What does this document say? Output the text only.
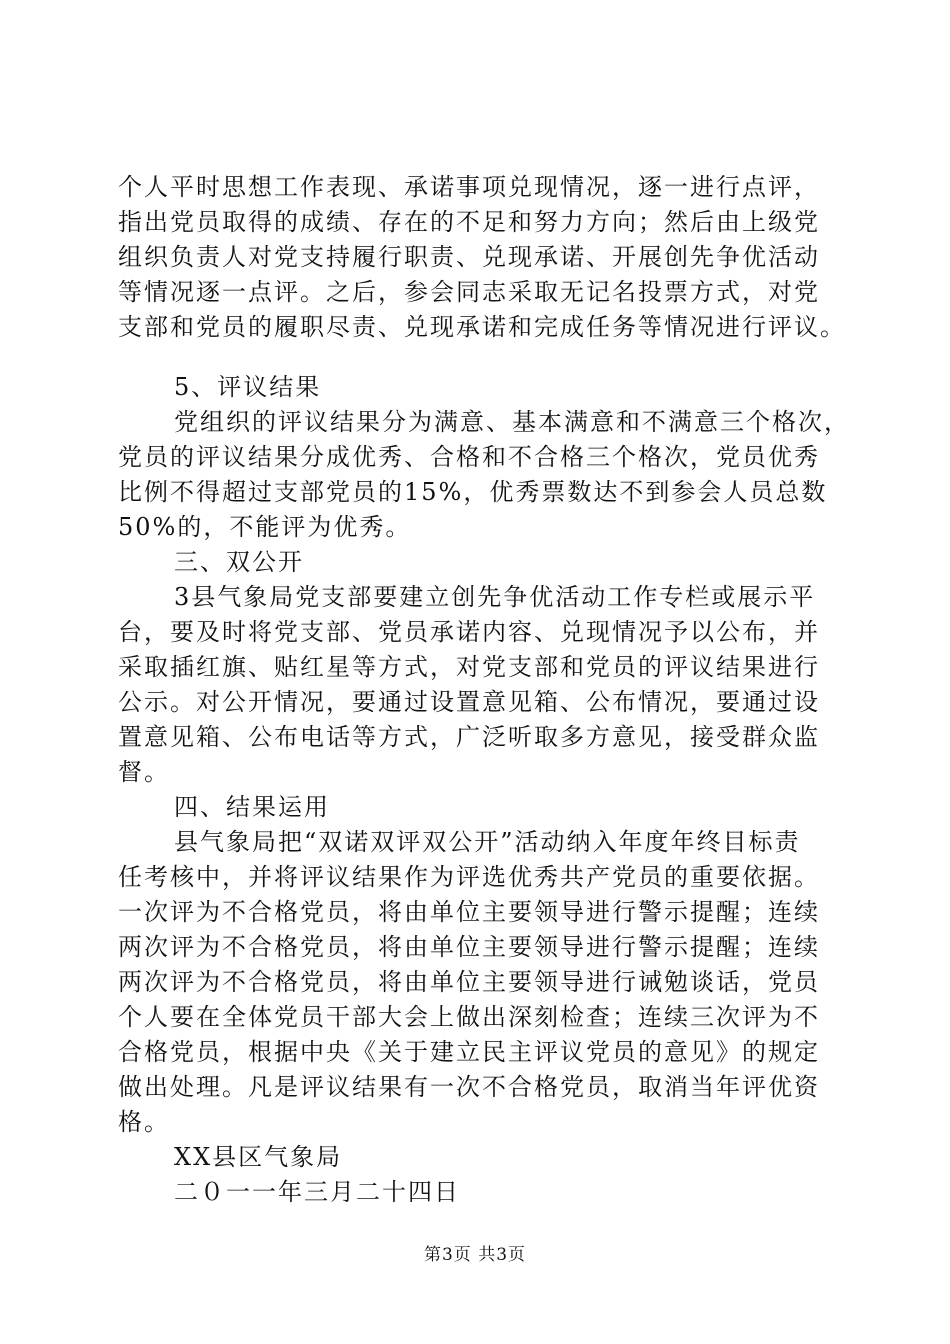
个人平时思想工作表现、承诺事项兑现情况，逐一进行点评，
指出党员取得的成绩、存在的不足和努力方向；然后由上级党
组织负责人对党支持履行职责、兑现承诺、开展创先争优活动
等情况逐一点评。之后，参会同志采取无记名投票方式，对党
支部和党员的履职尽责、兑现承诺和完成任务等情况进行评议。
5、评议结果
党组织的评议结果分为满意、基本满意和不满意三个格次，
党员的评议结果分成优秀、合格和不合格三个格次，党员优秀
比例不得超过支部党员的15%，优秀票数达不到参会人员总数
50%的，不能评为优秀。
三、双公开
3县气象局党支部要建立创先争优活动工作专栏或展示平
台，要及时将党支部、党员承诺内容、兑现情况予以公布，并
采取插红旗、贴红星等方式，对党支部和党员的评议结果进行
公示。对公开情况，要通过设置意见箱、公布情况，要通过设
置意见箱、公布电话等方式，广泛听取多方意见，接受群众监
督。
四、结果运用
县气象局把“双诺双评双公开”活动纳入年度年终目标责
任考核中，并将评议结果作为评选优秀共产党员的重要依据。
一次评为不合格党员，将由单位主要领导进行警示提醒；连续
两次评为不合格党员，将由单位主要领导进行警示提醒；连续
两次评为不合格党员，将由单位主要领导进行诫勉谈话，党员
个人要在全体党员干部大会上做出深刻检查；连续三次评为不
合格党员，根据中央《关于建立民主评议党员的意见》的规定
做出处理。凡是评议结果有一次不合格党员，取消当年评优资
格。
XX县区气象局
二０一一年三月二十四日
第3页 共3页
